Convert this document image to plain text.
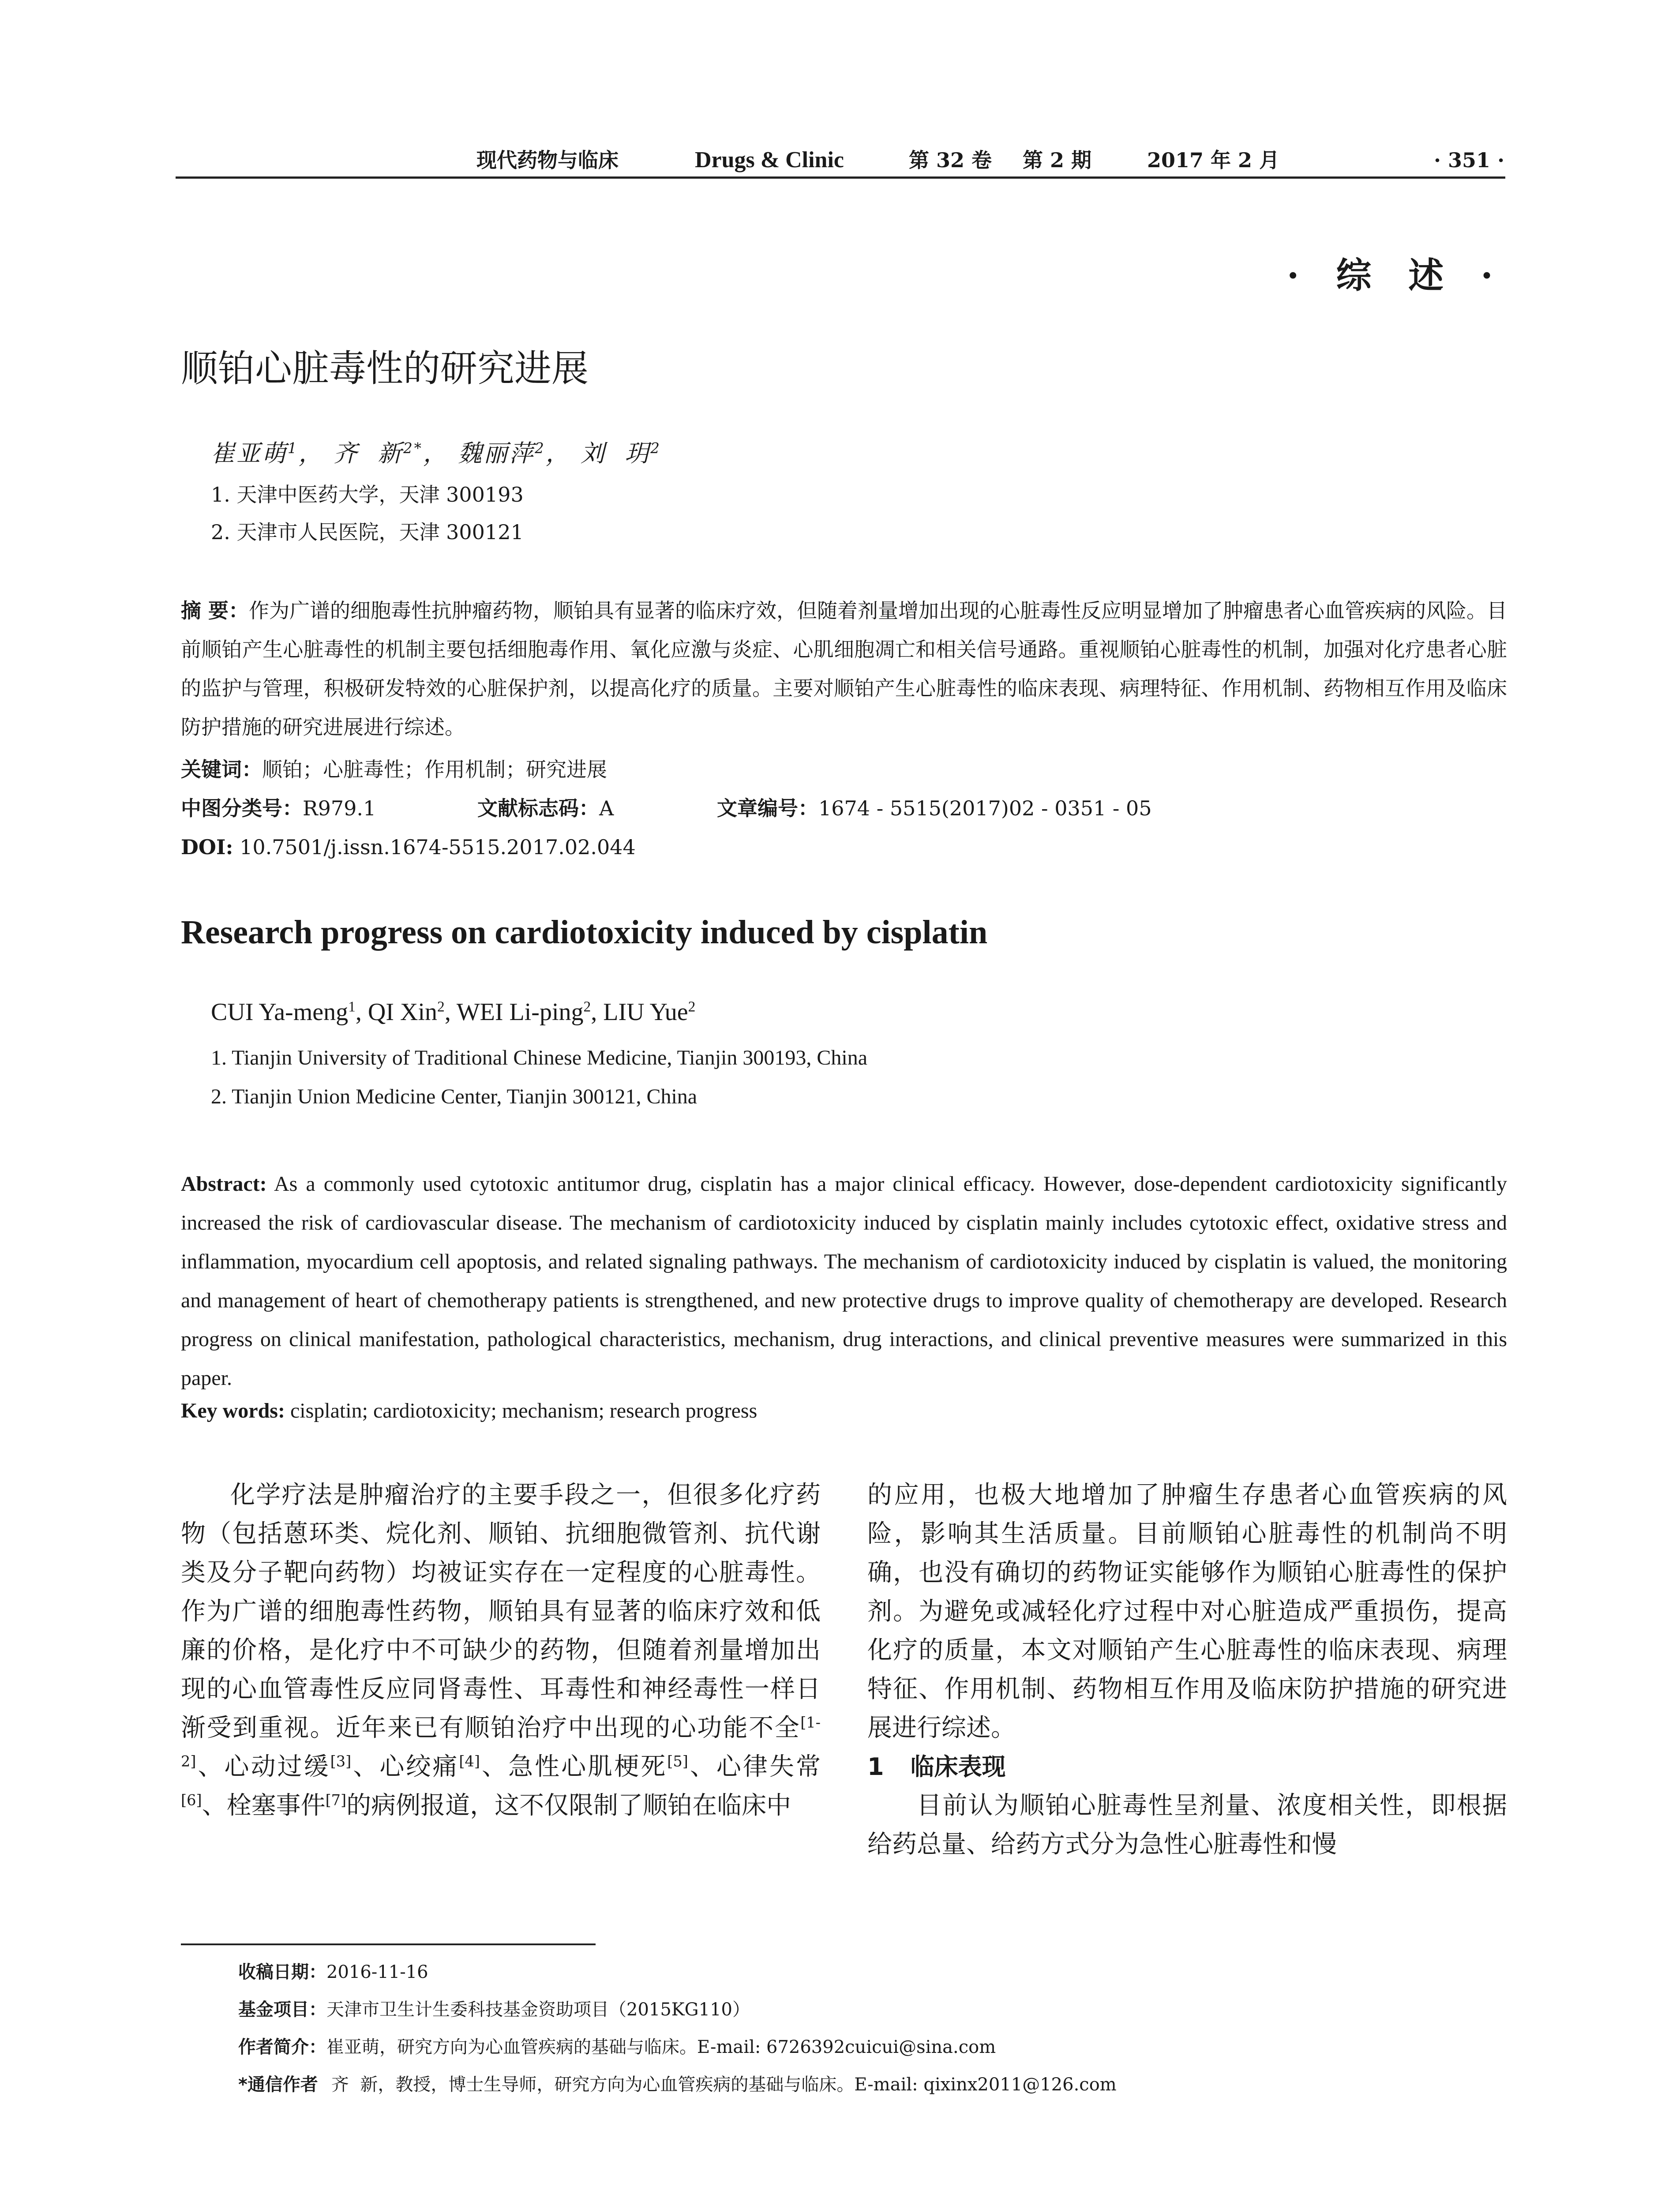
现代药物与临床	Drugs & Clinic	第 32 卷 第 2 期	2017 年 2 月	· 351 ·
· 综 述 ·
顺铂心脏毒性的研究进展
崔亚萌$^1$， 齐  新$^{2*}$， 魏丽萍$^2$， 刘  玥$^2$
1. 天津中医药大学，天津 300193
2. 天津市人民医院，天津 300121
摘 要：作为广谱的细胞毒性抗肿瘤药物，顺铂具有显著的临床疗效，但随着剂量增加出现的心脏毒性反应明显增加了肿瘤患者心血管疾病的风险。目前顺铂产生心脏毒性的机制主要包括细胞毒作用、氧化应激与炎症、心肌细胞凋亡和相关信号通路。重视顺铂心脏毒性的机制，加强对化疗患者心脏的监护与管理，积极研发特效的心脏保护剂，以提高化疗的质量。主要对顺铂产生心脏毒性的临床表现、病理特征、作用机制、药物相互作用及临床防护措施的研究进展进行综述。
关键词：顺铂；心脏毒性；作用机制；研究进展
中图分类号：R979.1	文献标志码：A	文章编号：1674 - 5515(2017)02 - 0351 - 05
DOI: 10.7501/j.issn.1674-5515.2017.02.044
Research progress on cardiotoxicity induced by cisplatin
CUI Ya-meng$^1$, QI Xin$^2$, WEI Li-ping$^2$, LIU Yue$^2$
1. Tianjin University of Traditional Chinese Medicine, Tianjin 300193, China
2. Tianjin Union Medicine Center, Tianjin 300121, China
Abstract: As a commonly used cytotoxic antitumor drug, cisplatin has a major clinical efficacy. However, dose-dependent cardiotoxicity significantly increased the risk of cardiovascular disease. The mechanism of cardiotoxicity induced by cisplatin mainly includes cytotoxic effect, oxidative stress and inflammation, myocardium cell apoptosis, and related signaling pathways. The mechanism of cardiotoxicity induced by cisplatin is valued, the monitoring and management of heart of chemotherapy patients is strengthened, and new protective drugs to improve quality of chemotherapy are developed. Research progress on clinical manifestation, pathological characteristics, mechanism, drug interactions, and clinical preventive measures were summarized in this paper.
Key words: cisplatin; cardiotoxicity; mechanism; research progress

化学疗法是肿瘤治疗的主要手段之一，但很多化疗药物（包括蒽环类、烷化剂、顺铂、抗细胞微管剂、抗代谢类及分子靶向药物）均被证实存在一定程度的心脏毒性。作为广谱的细胞毒性药物，顺铂具有显著的临床疗效和低廉的价格，是化疗中不可缺少的药物，但随着剂量增加出现的心血管毒性反应同肾毒性、耳毒性和神经毒性一样日渐受到重视。近年来已有顺铂治疗中出现的心功能不全[1-2]、心动过缓[3]、心绞痛[4]、急性心肌梗死[5]、心律失常[6]、栓塞事件[7]的病例报道，这不仅限制了顺铂在临床中

的应用，也极大地增加了肿瘤生存患者心血管疾病的风险，影响其生活质量。目前顺铂心脏毒性的机制尚不明确，也没有确切的药物证实能够作为顺铂心脏毒性的保护剂。为避免或减轻化疗过程中对心脏造成严重损伤，提高化疗的质量，本文对顺铂产生心脏毒性的临床表现、病理特征、作用机制、药物相互作用及临床防护措施的研究进展进行综述。

1 临床表现

目前认为顺铂心脏毒性呈剂量、浓度相关性，即根据给药总量、给药方式分为急性心脏毒性和慢

收稿日期：2016-11-16
基金项目：天津市卫生计生委科技基金资助项目（2015KG110）
作者简介：崔亚萌，研究方向为心血管疾病的基础与临床。E-mail: 6726392cuicui@sina.com
*通信作者 齐  新，教授，博士生导师，研究方向为心血管疾病的基础与临床。E-mail: qixinx2011@126.com
